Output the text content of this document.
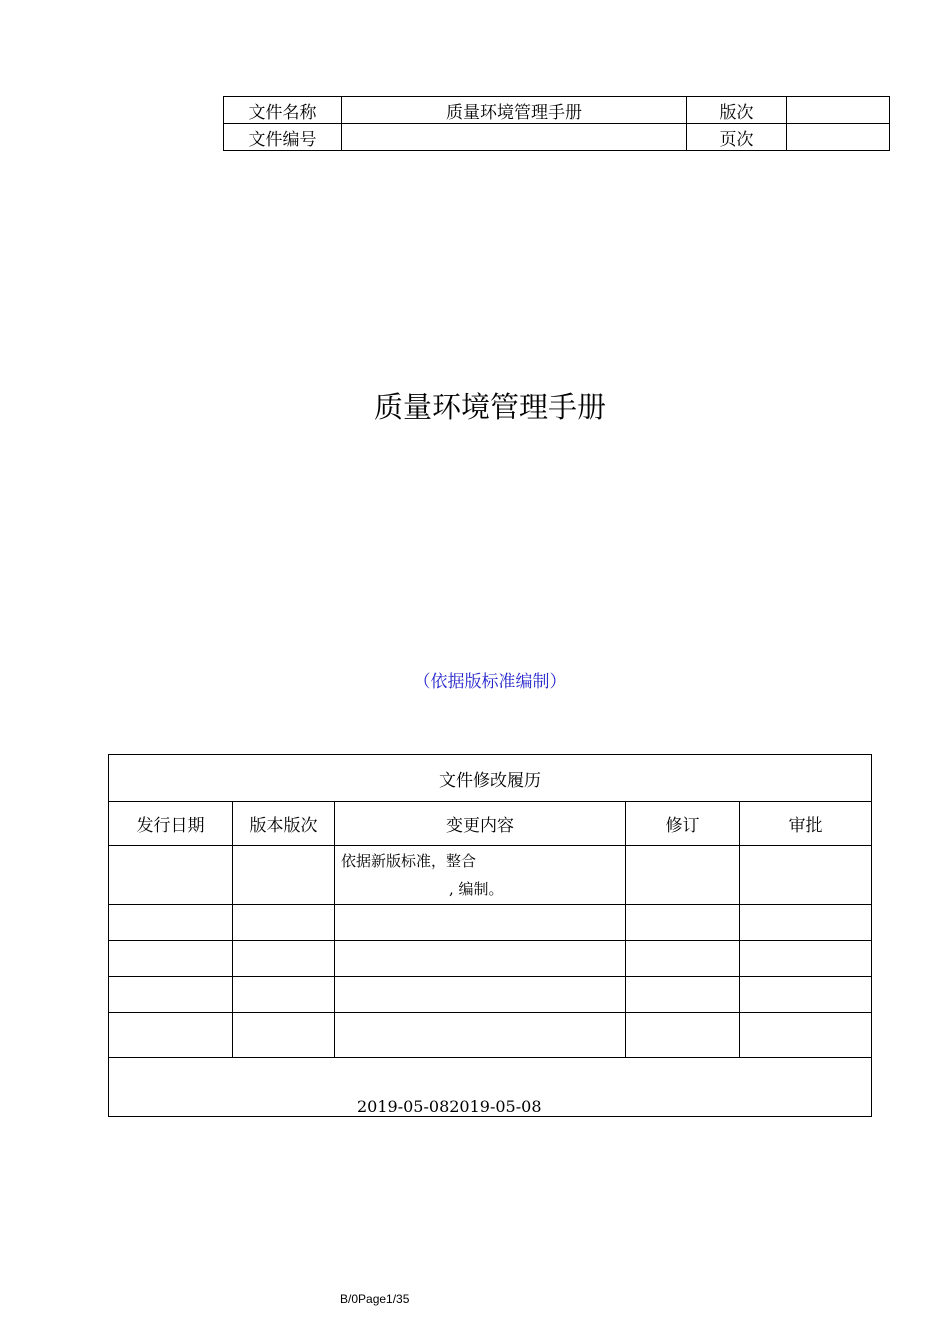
文件名称	质量环境管理手册	版次	
文件编号		页次	
质量环境管理手册
（依据版标准编制）
文件修改履历				
发行日期	版本版次	变更内容	修订	审批

		依据新版标准，整合
, 编制。		

2019-05-082019-05-08				
B/0Page1/35
